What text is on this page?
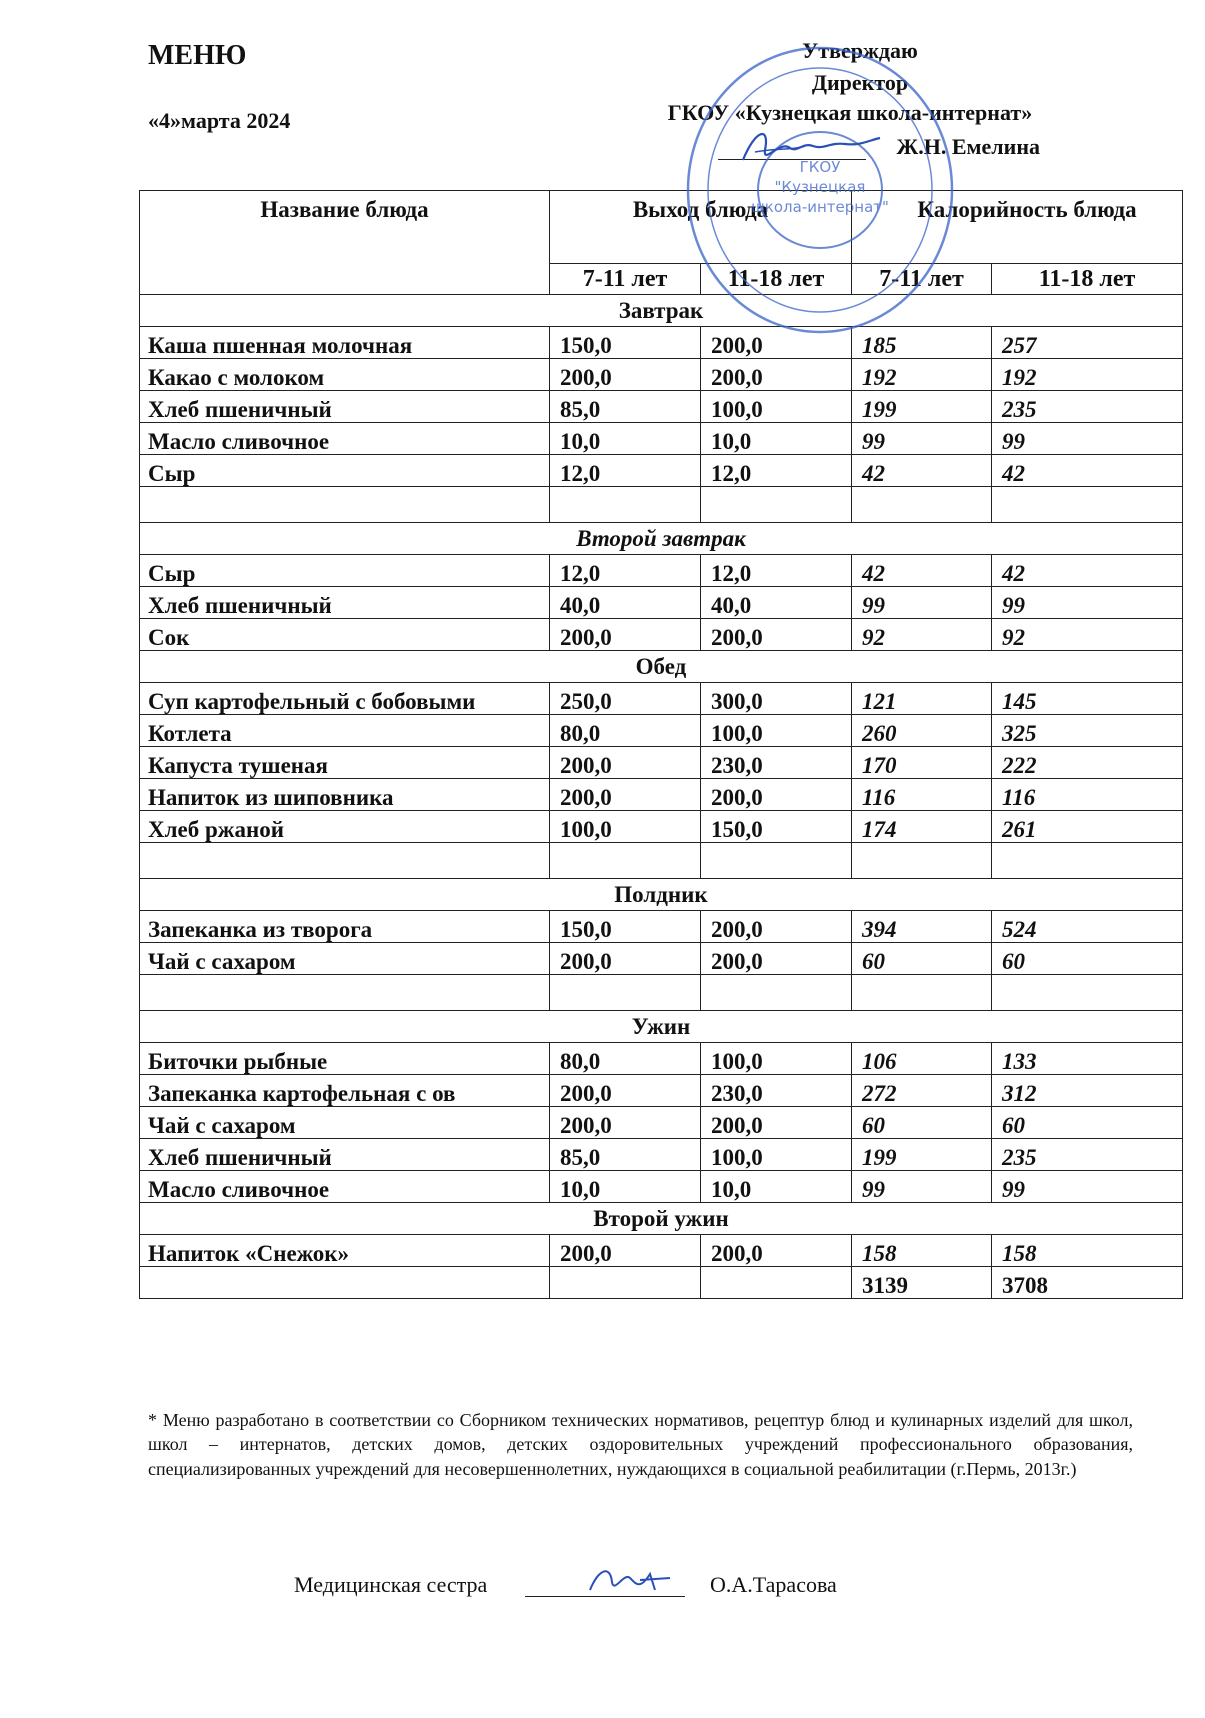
МЕНЮ
«4»марта 2024
Утверждаю
Директор
ГКОУ «Кузнецкая школа-интернат»
Ж.Н. Емелина
Название блюда	Выход блюда		Калорийность блюда	
	7-11 лет	11-18 лет	7-11 лет	11-18 лет
Завтрак				
Каша пшенная молочная	150,0	200,0	185	257
Какао с молоком	200,0	200,0	192	192
Хлеб пшеничный	85,0	100,0	199	235
Масло сливочное	10,0	10,0	99	99
Сыр	12,0	12,0	42	42

Второй завтрак				
Сыр	12,0	12,0	42	42
Хлеб пшеничный	40,0	40,0	99	99
Сок	200,0	200,0	92	92
Обед				
Суп картофельный с бобовыми	250,0	300,0	121	145
Котлета	80,0	100,0	260	325
Капуста тушеная	200,0	230,0	170	222
Напиток из шиповника	200,0	200,0	116	116
Хлеб ржаной	100,0	150,0	174	261

Полдник				
Запеканка из творога	150,0	200,0	394	524
Чай с сахаром	200,0	200,0	60	60

Ужин				
Биточки рыбные	80,0	100,0	106	133
Запеканка картофельная с ов	200,0	230,0	272	312
Чай с сахаром	200,0	200,0	60	60
Хлеб пшеничный	85,0	100,0	199	235
Масло сливочное	10,0	10,0	99	99
Второй ужин				
Напиток «Снежок»	200,0	200,0	158	158
			3139	3708
* Меню разработано в соответствии со Сборником технических нормативов, рецептур блюд и кулинарных изделий для школ, школ – интернатов, детских домов, детских оздоровительных учреждений профессионального образования, специализированных учреждений для несовершеннолетних, нуждающихся в социальной реабилитации (г.Пермь, 2013г.)
Медицинская сестра	О.А.Тарасова
ГКОУ
"Кузнецкая
школа-интернат"
